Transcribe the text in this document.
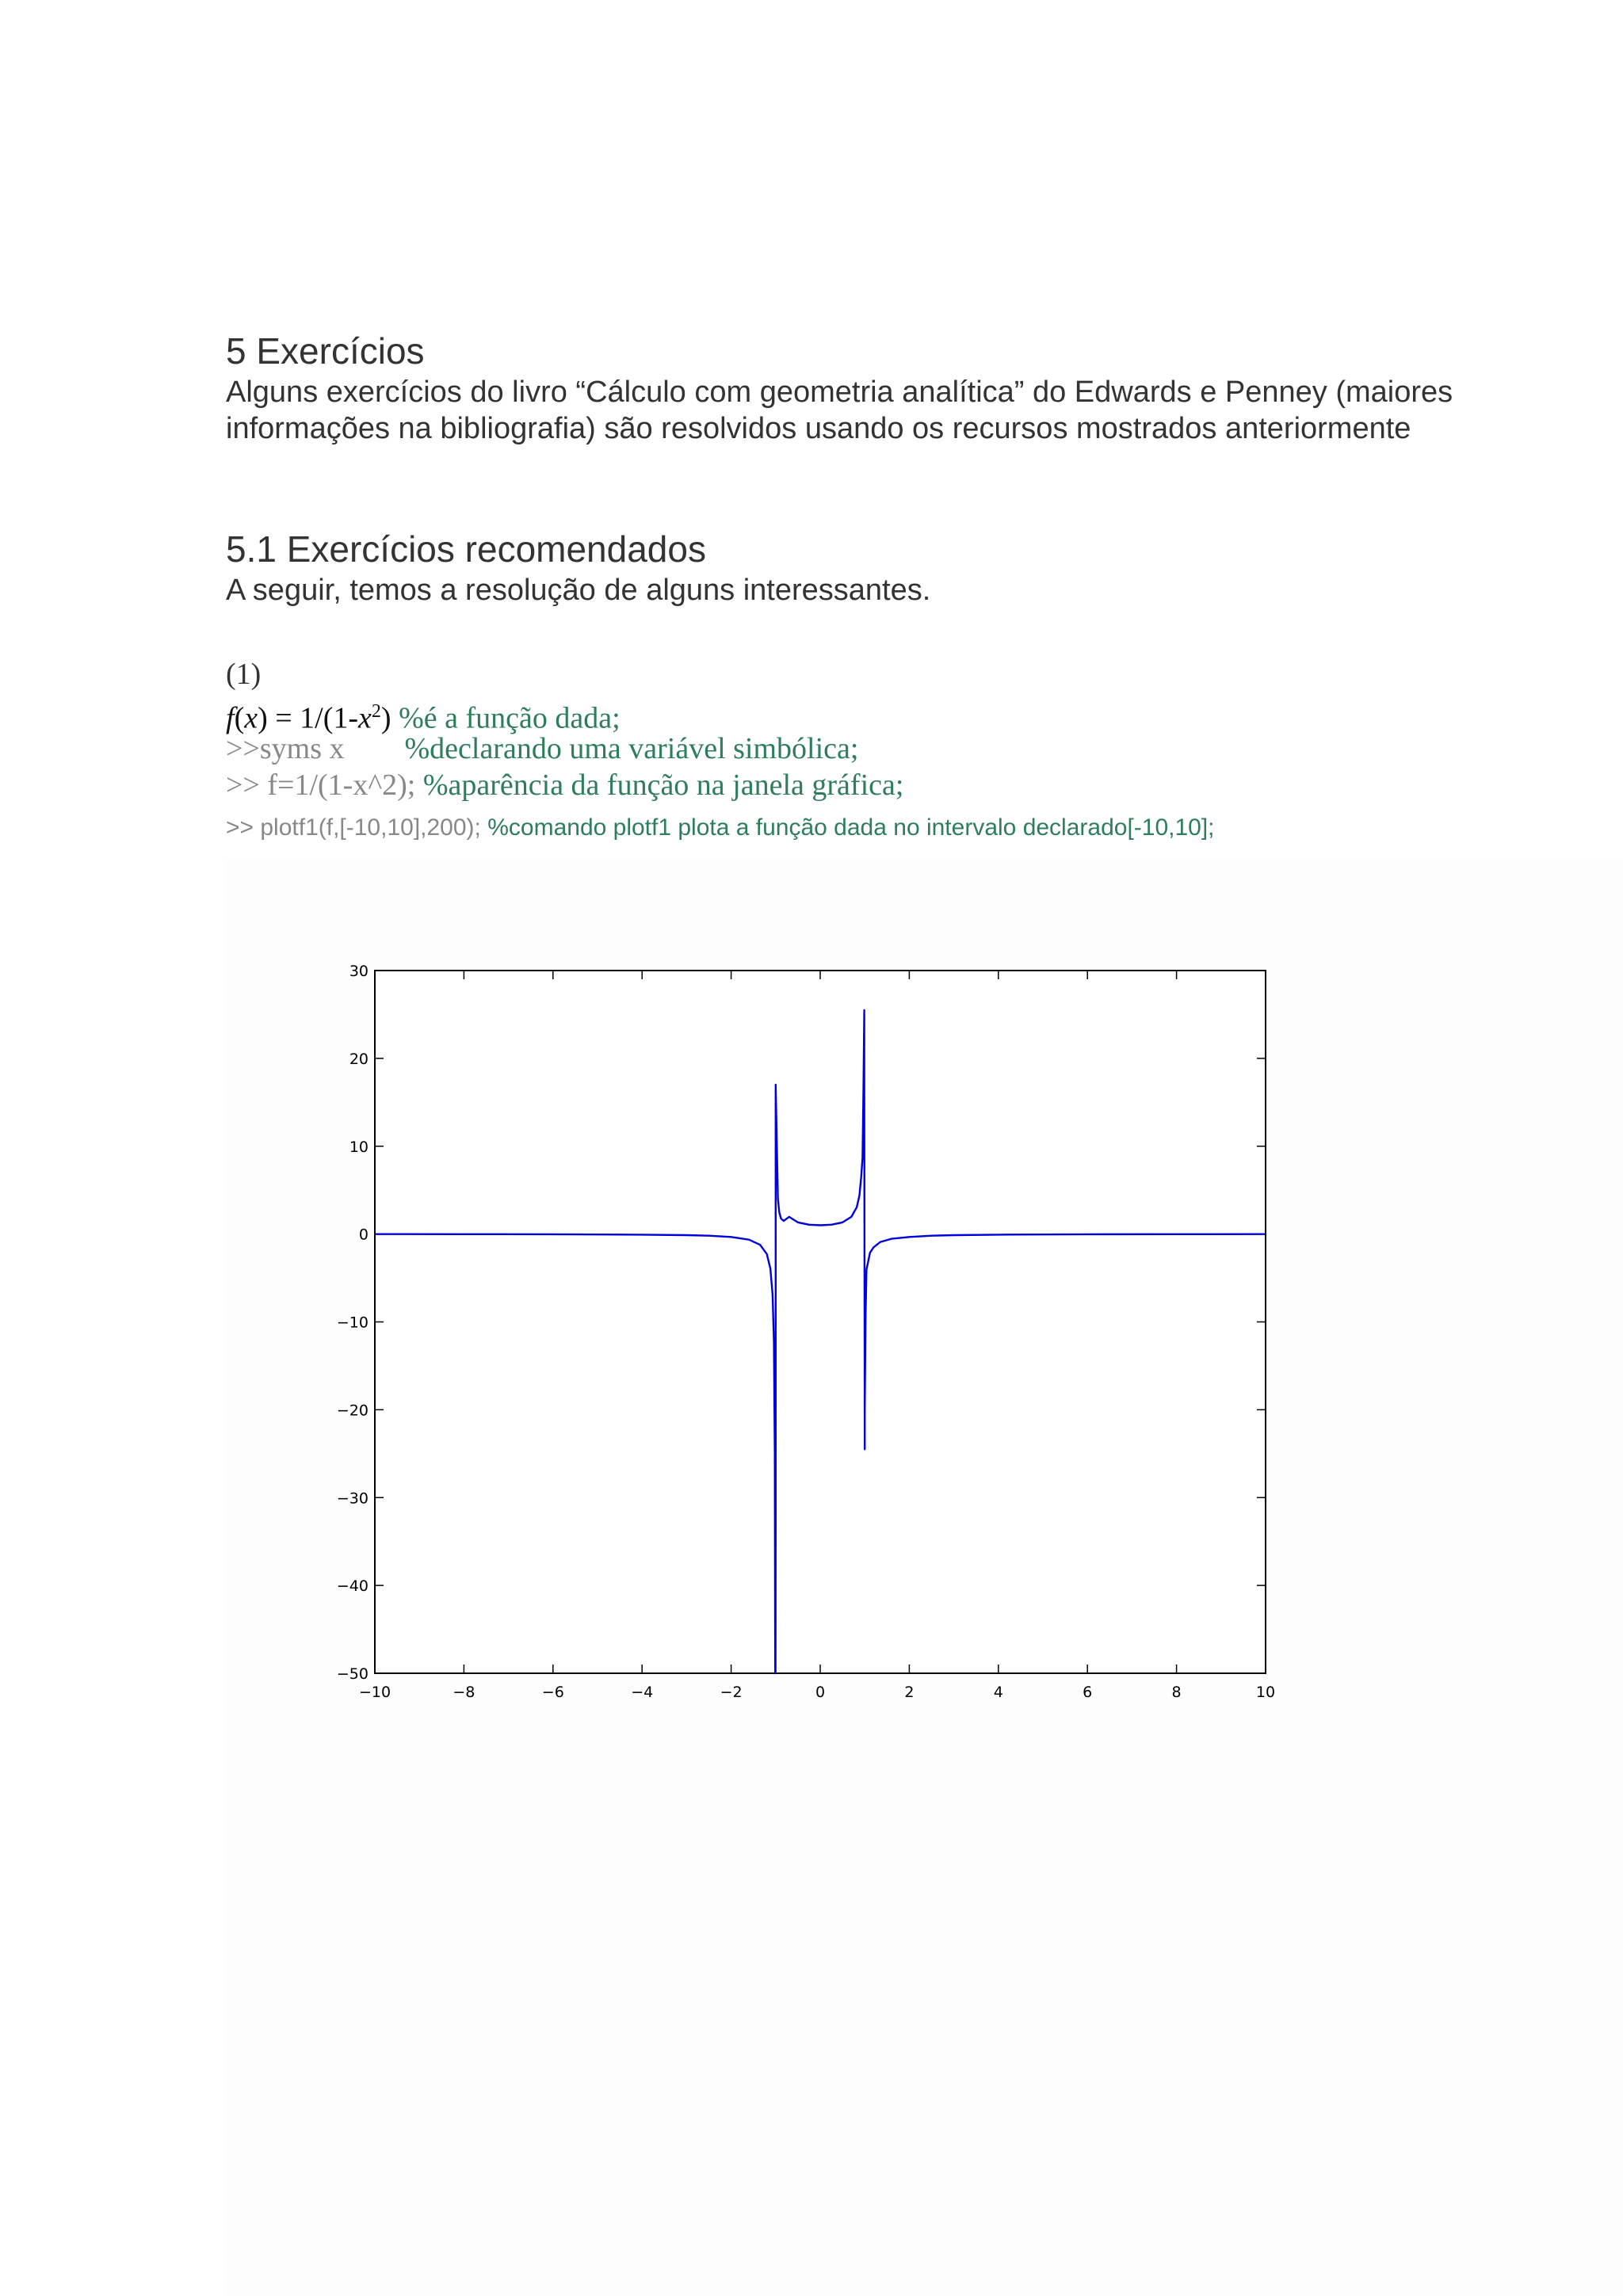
5 Exercícios

Alguns exercícios do livro “Cálculo com geometria analítica” do Edwards e Penney (maiores informações na bibliografia) são resolvidos usando os recursos mostrados anteriormente

5.1 Exercícios recomendados

A seguir, temos a resolução de alguns interessantes.

(1)
$f(x) = 1/(1-x^2)$ %é a função dada;
>>syms x        %declarando uma variável simbólica;
>> f=1/(1-x^2); %aparência da função na janela gráfica;
>> plotf1(f,[-10,10],200); %comando plotf1 plota a função dada no intervalo declarado[-10,10];
−10	−8	−6	−4	−2	0	2	4	6	8	10
−50
−40
−30
−20
−10
0
10
20
30
